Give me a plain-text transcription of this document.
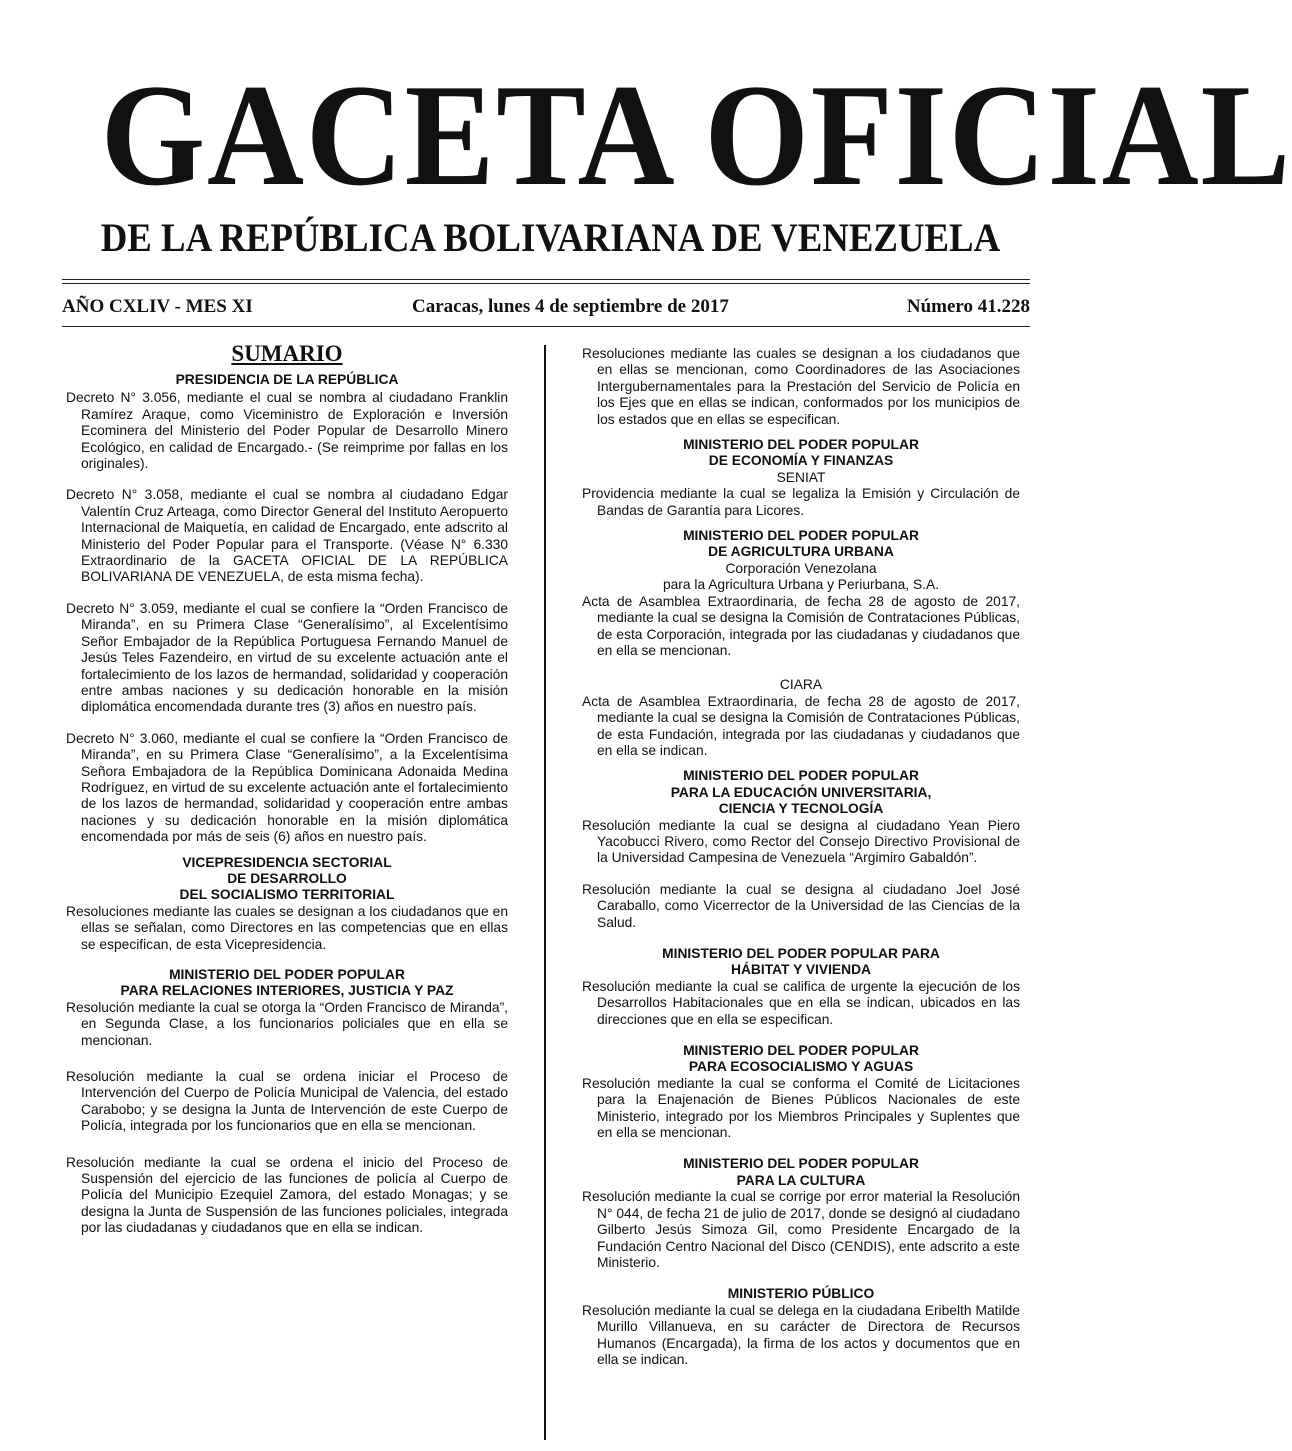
GACETA OFICIAL
DE LA REPÚBLICA BOLIVARIANA DE VENEZUELA
AÑO CXLIV - MES XI	Caracas, lunes 4 de septiembre de 2017	Número 41.228
SUMARIO

PRESIDENCIA DE LA REPÚBLICA

Decreto N° 3.056, mediante el cual se nombra al ciudadano Franklin Ramírez Araque, como Viceministro de Exploración e Inversión Ecominera del Ministerio del Poder Popular de Desarrollo Minero Ecológico, en calidad de Encargado.- (Se reimprime por fallas en los originales).

Decreto N° 3.058, mediante el cual se nombra al ciudadano Edgar Valentín Cruz Arteaga, como Director General del Instituto Aeropuerto Internacional de Maiquetía, en calidad de Encargado, ente adscrito al Ministerio del Poder Popular para el Transporte. (Véase N° 6.330 Extraordinario de la GACETA OFICIAL DE LA REPÚBLICA BOLIVARIANA DE VENEZUELA, de esta misma fecha).

Decreto N° 3.059, mediante el cual se confiere la “Orden Francisco de Miranda”, en su Primera Clase “Generalísimo”, al Excelentísimo Señor Embajador de la República Portuguesa Fernando Manuel de Jesús Teles Fazendeiro, en virtud de su excelente actuación ante el fortalecimiento de los lazos de hermandad, solidaridad y cooperación entre ambas naciones y su dedicación honorable en la misión diplomática encomendada durante tres (3) años en nuestro país.

Decreto N° 3.060, mediante el cual se confiere la “Orden Francisco de Miranda”, en su Primera Clase “Generalísimo”, a la Excelentísima Señora Embajadora de la República Dominicana Adonaida Medina Rodríguez, en virtud de su excelente actuación ante el fortalecimiento de los lazos de hermandad, solidaridad y cooperación entre ambas naciones y su dedicación honorable en la misión diplomática encomendada por más de seis (6) años en nuestro país.

VICEPRESIDENCIA SECTORIAL

DE DESARROLLO

DEL SOCIALISMO TERRITORIAL

Resoluciones mediante las cuales se designan a los ciudadanos que en ellas se señalan, como Directores en las competencias que en ellas se especifican, de esta Vicepresidencia.

MINISTERIO DEL PODER POPULAR

PARA RELACIONES INTERIORES, JUSTICIA Y PAZ

Resolución mediante la cual se otorga la “Orden Francisco de Miranda”, en Segunda Clase, a los funcionarios policiales que en ella se mencionan.

Resolución mediante la cual se ordena iniciar el Proceso de Intervención del Cuerpo de Policía Municipal de Valencia, del estado Carabobo; y se designa la Junta de Intervención de este Cuerpo de Policía, integrada por los funcionarios que en ella se mencionan.

Resolución mediante la cual se ordena el inicio del Proceso de Suspensión del ejercicio de las funciones de policía al Cuerpo de Policía del Municipio Ezequiel Zamora, del estado Monagas; y se designa la Junta de Suspensión de las funciones policiales, integrada por las ciudadanas y ciudadanos que en ella se indican.

Resoluciones mediante las cuales se designan a los ciudadanos que en ellas se mencionan, como Coordinadores de las Asociaciones Intergubernamentales para la Prestación del Servicio de Policía en los Ejes que en ellas se indican, conformados por los municipios de los estados que en ellas se especifican.

MINISTERIO DEL PODER POPULAR

DE ECONOMÍA Y FINANZAS

SENIAT

Providencia mediante la cual se legaliza la Emisión y Circulación de Bandas de Garantía para Licores.

MINISTERIO DEL PODER POPULAR

DE AGRICULTURA URBANA

Corporación Venezolana

para la Agricultura Urbana y Periurbana, S.A.

Acta de Asamblea Extraordinaria, de fecha 28 de agosto de 2017, mediante la cual se designa la Comisión de Contrataciones Públicas, de esta Corporación, integrada por las ciudadanas y ciudadanos que en ella se mencionan.

CIARA

Acta de Asamblea Extraordinaria, de fecha 28 de agosto de 2017, mediante la cual se designa la Comisión de Contrataciones Públicas, de esta Fundación, integrada por las ciudadanas y ciudadanos que en ella se indican.

MINISTERIO DEL PODER POPULAR

PARA LA EDUCACIÓN UNIVERSITARIA,

CIENCIA Y TECNOLOGÍA

Resolución mediante la cual se designa al ciudadano Yean Piero Yacobucci Rivero, como Rector del Consejo Directivo Provisional de la Universidad Campesina de Venezuela “Argimiro Gabaldón”.

Resolución mediante la cual se designa al ciudadano Joel José Caraballo, como Vicerrector de la Universidad de las Ciencias de la Salud.

MINISTERIO DEL PODER POPULAR PARA

HÁBITAT Y VIVIENDA

Resolución mediante la cual se califica de urgente la ejecución de los Desarrollos Habitacionales que en ella se indican, ubicados en las direcciones que en ella se especifican.

MINISTERIO DEL PODER POPULAR

PARA ECOSOCIALISMO Y AGUAS

Resolución mediante la cual se conforma el Comité de Licitaciones para la Enajenación de Bienes Públicos Nacionales de este Ministerio, integrado por los Miembros Principales y Suplentes que en ella se mencionan.

MINISTERIO DEL PODER POPULAR

PARA LA CULTURA

Resolución mediante la cual se corrige por error material la Resolución N° 044, de fecha 21 de julio de 2017, donde se designó al ciudadano Gilberto Jesús Simoza Gil, como Presidente Encargado de la Fundación Centro Nacional del Disco (CENDIS), ente adscrito a este Ministerio.

MINISTERIO PÚBLICO

Resolución mediante la cual se delega en la ciudadana Eribelth Matilde Murillo Villanueva, en su carácter de Directora de Recursos Humanos (Encargada), la firma de los actos y documentos que en ella se indican.
